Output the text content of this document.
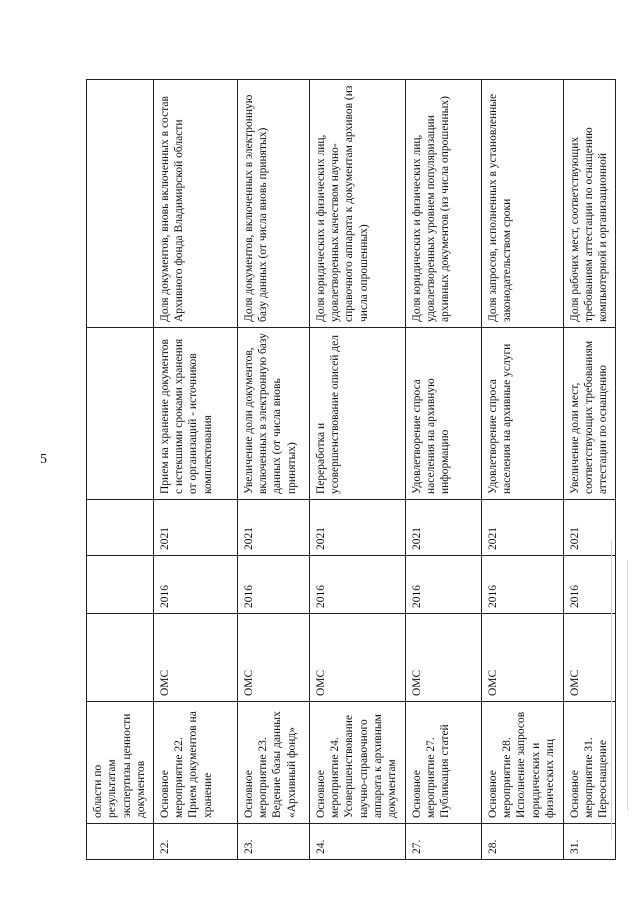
5
	области по результатам экспертизы ценности документов					
22.	Основное мероприятие 22. Прием документов на хранение	ОМС	2016	2021	Прием на хранение документов с истекшими сроками хранения от организаций - источников комплектования	Доля документов, вновь включенных в состав Архивного фонда Владимирской области
23.	Основное мероприятие 23. Ведение базы данных «Архивный фонд»	ОМС	2016	2021	Увеличение доли документов, включенных в электронную базу данных (от числа вновь принятых)	Доля документов, включенных в электронную базу данных (от числа вновь принятых)
24.	Основное мероприятие 24. Усовершенствование научно-справочного аппарата к архивным документам	ОМС	2016	2021	Переработка и усовершенствование описей дел	Доля юридических и физических лиц, удовлетворенных качеством научно-справочного аппарата к документам архивов (из числа опрошенных)
27.	Основное мероприятие 27. Публикация статей	ОМС	2016	2021	Удовлетворение спроса населения на архивную информацию	Доля юридических и физических лиц, удовлетворенных уровнем популяризации архивных документов (из числа опрошенных)
28.	Основное мероприятие 28. Исполнение запросов юридических и физических лиц	ОМС	2016	2021	Удовлетворение спроса населения на архивные услуги	Доля запросов, исполненных в установленные законодательством сроки
31.	Основное мероприятие 31. Переоснащение	ОМС	2016	2021	Увеличение доли мест, соответствующих требованиям аттестации по оснащению	Доля рабочих мест, соответствующих требованиям аттестации по оснащению компьютерной и организационной
